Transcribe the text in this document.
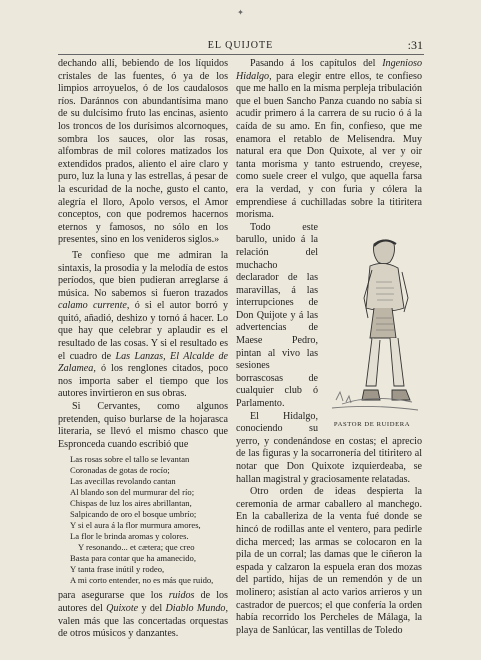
✦
EL QUIJOTE	:31

dechando allí, bebiendo de los líquidos cristales de las fuentes, ó ya de los limpios arroyuelos, ó de los caudalosos ríos. Daránnos con abundantísima mano de su dulcísimo fruto las encinas, asiento los troncos de los durísimos alcornoques, sombra los sauces, olor las rosas, alfombras de mil colores matizados los extendidos prados, aliento el aire claro y puro, luz la luna y las estrellas, á pesar de la escuridad de la noche, gusto el canto, alegría el lloro, Apolo versos, el Amor conceptos, con que podremos hacernos eternos y famosos, no sólo en los presentes, sino en los venideros siglos.»

Te confieso que me admiran la sintaxis, la prosodia y la melodía de estos períodos, que bien pudieran arreglarse á música. No sabemos si fueron trazados calamo currente, ó si el autor borró y quitó, añadió, deshizo y tornó á hacer. Lo que hay que celebrar y aplaudir es el resultado de las cosas. Y si el resultado es el cuadro de Las Lanzas, El Alcalde de Zalamea, ó los renglones citados, poco nos importa saber el tiempo que los autores invirtieron en sus obras.

Si Cervantes, como algunos pretenden, quiso burlarse de la hojarasca literaria, se llevó el mismo chasco que Espronceda cuando escribió que

Las rosas sobre el tallo se levantan
Coronadas de gotas de rocío;
Las avecillas revolando cantan
Al blando son del murmurar del río;
Chispas de luz los aires abrillantan,
Salpicando de oro el bosque umbrío;
Y si el aura á la flor murmura amores,
La flor le brinda aromas y colores.
Y resonando... et cætera; que creo
Basta para contar que ha amanecido,
Y tanta frase inútil y rodeo,
A mi corto entender, no es más que ruido,

para asegurarse que los ruidos de los autores del Quixote y del Diablo Mundo, valen más que las concertadas orquestas de otros músicos y danzantes.

Pasando á los capítulos del Ingenioso Hidalgo, para elegir entre ellos, te confieso que me hallo en la misma perpleja tribulación que el buen Sancho Panza cuando no sabía si acudir primero á la carrera de su rucio ó á la caída de su amo. En fin, confieso, que me enamora el retablo de Melisendra. Muy natural era que Don Quixote, al ver y oir tanta morisma y tanto estruendo, creyese, como suele creer el vulgo, que aquella farsa era la verdad, y con furia y cólera la emprendiese á cuchilladas sobre la titiritera morisma.

PASTOR DE RUIDERA

Todo este barullo, unido á la relación del muchacho declarador de las maravillas, á las interrupciones de Don Quijote y á las advertencias de Maese Pedro, pintan al vivo las sesiones borrascosas de cualquier club ó Parlamento.

El Hidalgo, conociendo su yerro, y condenándose en costas; el aprecio de las figuras y la socarronería del titiritero al notar que Don Quixote izquierdeaba, se hallan magistral y graciosamente relatadas.

Otro orden de ideas despierta la ceremonia de armar caballero al manchego. En la caballeriza de la venta fué donde se hincó de rodillas ante el ventero, para pedirle dicha merced; las armas se colocaron en la pila de un corral; las damas que le ciñeron la espada y calzaron la espuela eran dos mozas del partido, hijas de un remendón y de un molinero; asistían al acto varios arrieros y un castrador de puercos; el que confería la orden había recorrido los Percheles de Málaga, la playa de Sanlúcar, las ventillas de Toledo
